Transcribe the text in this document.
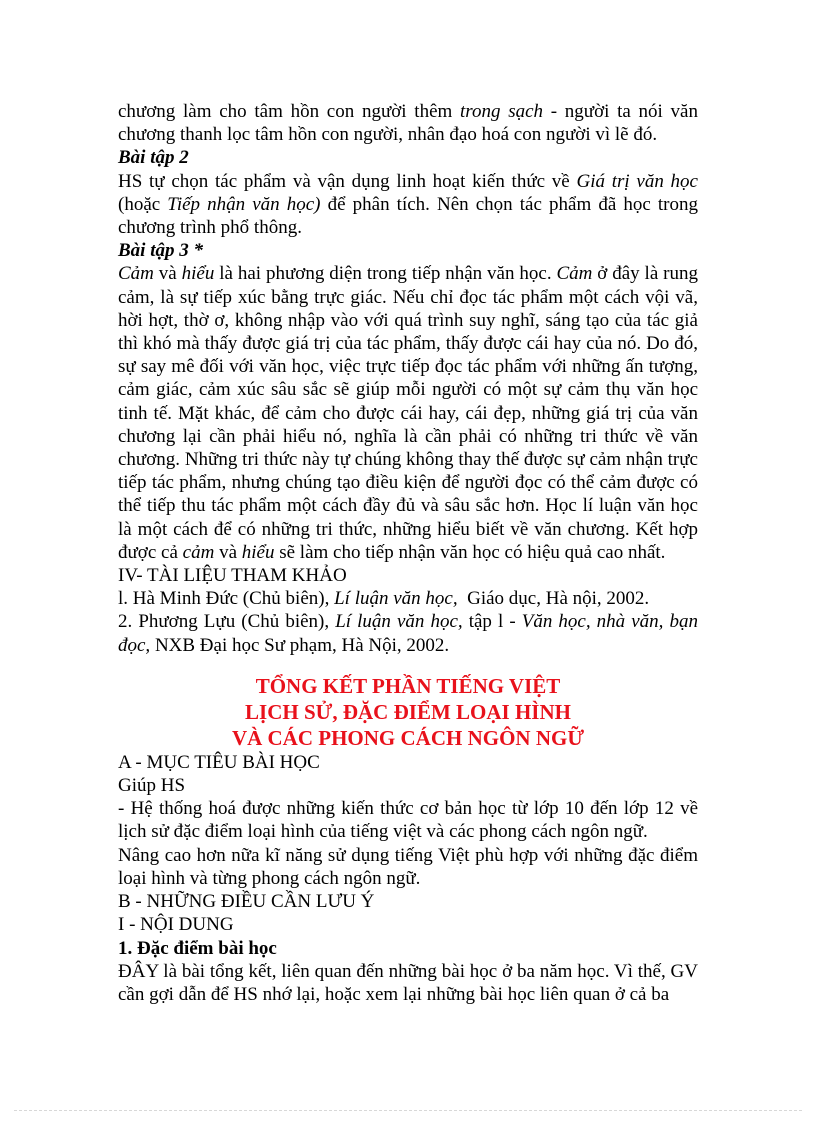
chương làm cho tâm hồn con người thêm trong sạch - người ta nói văn chương thanh lọc tâm hồn con người, nhân đạo hoá con người vì lẽ đó.

Bài tập 2

HS tự chọn tác phẩm và vận dụng linh hoạt kiến thức về Giá trị văn học (hoặc Tiếp nhận văn học) để phân tích. Nên chọn tác phẩm đã học trong chương trình phổ thông.

Bài tập 3 *

Cảm và hiểu là hai phương diện trong tiếp nhận văn học. Cảm ở đây là rung cảm, là sự tiếp xúc bằng trực giác. Nếu chỉ đọc tác phẩm một cách vội vã, hời hợt, thờ ơ, không nhập vào với quá trình suy nghĩ, sáng tạo của tác giả thì khó mà thấy được giá trị của tác phẩm, thấy được cái hay của nó. Do đó, sự say mê đối với văn học, việc trực tiếp đọc tác phẩm với những ấn tượng, cảm giác, cảm xúc sâu sắc sẽ giúp mỗi người có một sự cảm thụ văn học tinh tế. Mặt khác, để cảm cho được cái hay, cái đẹp, những giá trị của văn chương lại cần phải hiểu nó, nghĩa là cần phải có những tri thức về văn chương. Những tri thức này tự chúng không thay thế được sự cảm nhận trực tiếp tác phẩm, nhưng chúng tạo điều kiện để người đọc có thể cảm được có thể tiếp thu tác phẩm một cách đầy đủ và sâu sắc hơn. Học lí luận văn học là một cách để có những tri thức, những hiểu biết về văn chương. Kết hợp được cả cảm và hiểu sẽ làm cho tiếp nhận văn học có hiệu quả cao nhất.

IV- TÀI LIỆU THAM KHẢO

l. Hà Minh Đức (Chủ biên), Lí luận văn học,  Giáo dục, Hà nội, 2002.

2. Phương Lựu (Chủ biên), Lí luận văn học, tập l - Văn học, nhà văn, bạn đọc, NXB Đại học Sư phạm, Hà Nội, 2002.

TỔNG KẾT PHẦN TIẾNG VIỆT

LỊCH SỬ, ĐẶC ĐIỂM LOẠI HÌNH

VÀ CÁC PHONG CÁCH NGÔN NGỮ

A - MỤC TIÊU BÀI HỌC

Giúp HS

- Hệ thống hoá được những kiến thức cơ bản học từ lớp 10 đến lớp 12 về lịch sử đặc điểm loại hình của tiếng việt và các phong cách ngôn ngữ.

Nâng cao hơn nữa kĩ năng sử dụng tiếng Việt phù hợp với những đặc điểm loại hình và từng phong cách ngôn ngữ.

B - NHỮNG ĐIỀU CẦN LƯU Ý

I - NỘI DUNG

1. Đặc điểm bài học

ĐÂY là bài tổng kết, liên quan đến những bài học ở ba năm học. Vì thế, GV cần gợi dẫn để HS nhớ lại, hoặc xem lại những bài học liên quan ở cả ba
